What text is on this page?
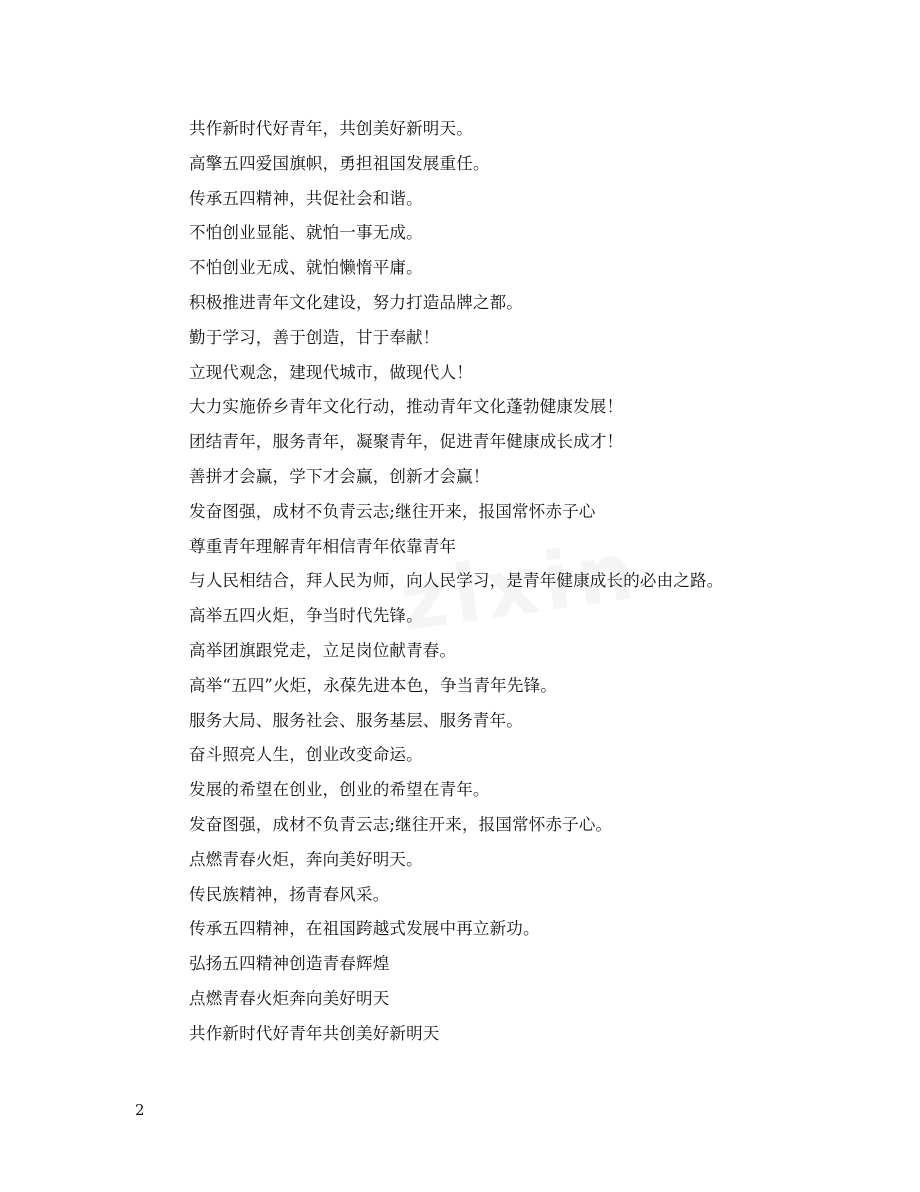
共作新时代好青年，共创美好新明天。
高擎五四爱国旗帜，勇担祖国发展重任。
传承五四精神，共促社会和谐。
不怕创业显能、就怕一事无成。
不怕创业无成、就怕懒惰平庸。
积极推进青年文化建设，努力打造品牌之都。
勤于学习，善于创造，甘于奉献！
立现代观念，建现代城市，做现代人！
大力实施侨乡青年文化行动，推动青年文化蓬勃健康发展！
团结青年，服务青年，凝聚青年，促进青年健康成长成才！
善拼才会赢，学下才会赢，创新才会赢！
发奋图强，成材不负青云志;继往开来，报国常怀赤子心
尊重青年理解青年相信青年依靠青年
与人民相结合，拜人民为师，向人民学习，是青年健康成长的必由之路。
高举五四火炬，争当时代先锋。
高举团旗跟党走，立足岗位献青春。
高举“五四”火炬，永葆先进本色，争当青年先锋。
服务大局、服务社会、服务基层、服务青年。
奋斗照亮人生，创业改变命运。
发展的希望在创业，创业的希望在青年。
发奋图强，成材不负青云志;继往开来，报国常怀赤子心。
点燃青春火炬，奔向美好明天。
传民族精神，扬青春风采。
传承五四精神，在祖国跨越式发展中再立新功。
弘扬五四精神创造青春辉煌
点燃青春火炬奔向美好明天
共作新时代好青年共创美好新明天
2
